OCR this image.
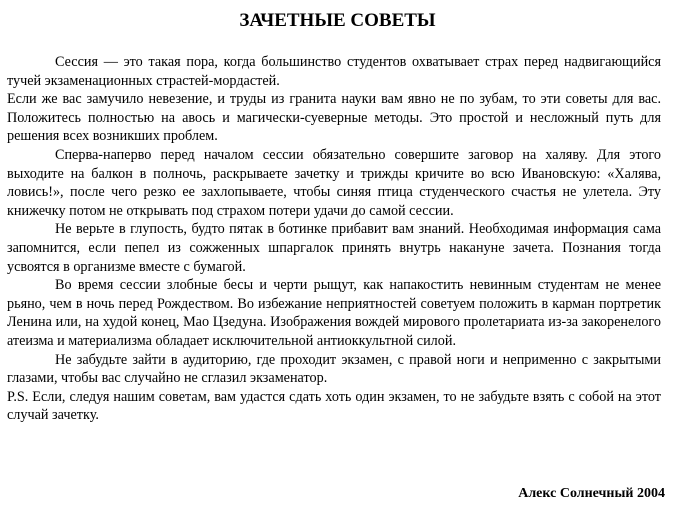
ЗАЧЕТНЫЕ СОВЕТЫ

Сессия — это такая пора, когда большинство студентов охватывает страх перед надвигающийся тучей экзаменационных страстей-мордастей.

Если же вас замучило невезение, и труды из гранита науки вам явно не по зубам, то эти советы для вас. Положитесь полностью на авось и магически-суеверные методы. Это простой и несложный путь для решения всех возникших проблем.

Сперва-наперво перед началом сессии обязательно совершите заговор на халяву. Для этого выходите на балкон в полночь, раскрываете зачетку и трижды кричите во всю Ивановскую: «Халява, ловись!», после чего резко ее захлопываете, чтобы синяя птица студенческого счастья не улетела. Эту книжечку потом не открывать под страхом потери удачи до самой сессии.

Не верьте в глупость, будто пятак в ботинке прибавит вам знаний. Необходимая информация сама запомнится, если пепел из сожженных шпаргалок принять внутрь накануне зачета. Познания тогда усвоятся в организме вместе с бумагой.

Во время сессии злобные бесы и черти рыщут, как напакостить невинным студентам не менее рьяно, чем в ночь перед Рождеством. Во избежание неприятностей советуем положить в карман портретик Ленина или, на худой конец, Мао Цзедуна. Изображения вождей мирового пролетариата из-за закоренелого атеизма и материализма обладает исключительной антиоккультной силой.

Не забудьте зайти в аудиторию, где проходит экзамен, с правой ноги и неприменно с закрытыми глазами, чтобы вас случайно не сглазил экзаменатор.

P.S. Если, следуя нашим советам, вам удастся сдать хоть один экзамен, то не забудьте взять с собой на этот случай зачетку.

Алекс Солнечный 2004
